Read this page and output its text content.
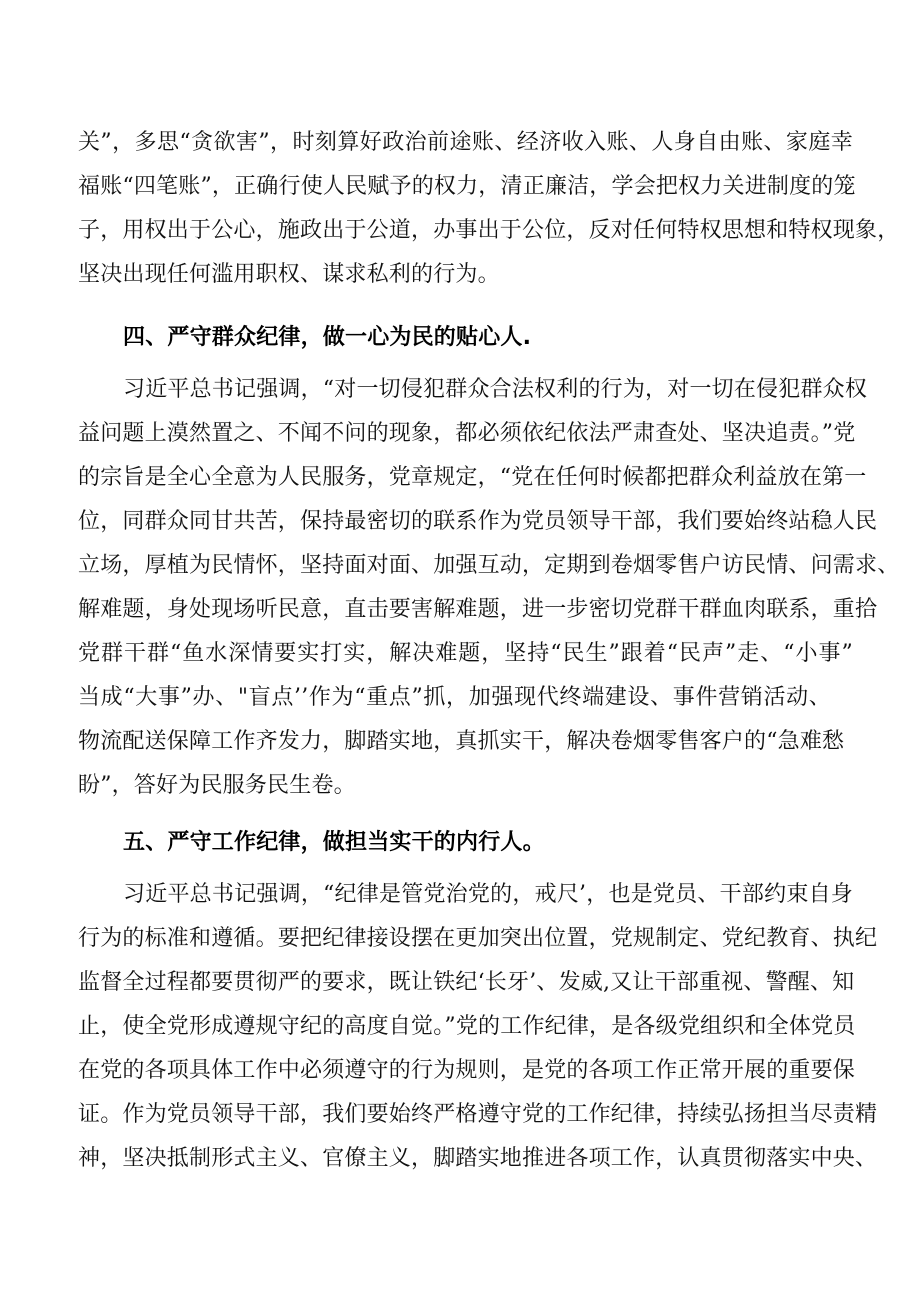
关”，多思“贪欲害”，时刻算好政治前途账、经济收入账、人身自由账、家庭幸
福账“四笔账”，正确行使人民赋予的权力，清正廉洁，学会把权力关进制度的笼
子，用权出于公心，施政出于公道，办事出于公位，反对任何特权思想和特权现象，
坚决出现任何滥用职权、谋求私利的行为。
四、严守群众纪律，做一心为民的贴心人.
习近平总书记强调，“对一切侵犯群众合法权利的行为，对一切在侵犯群众权
益问题上漠然置之、不闻不问的现象，都必须依纪依法严肃查处、坚决追责。”党
的宗旨是全心全意为人民服务，党章规定，“党在任何时候都把群众利益放在第一
位，同群众同甘共苦，保持最密切的联系作为党员领导干部，我们要始终站稳人民
立场，厚植为民情怀，坚持面对面、加强互动，定期到卷烟零售户访民情、问需求、
解难题，身处现场听民意，直击要害解难题，进一步密切党群干群血肉联系，重拾
党群干群“鱼水深情要实打实，解决难题，坚持“民生”跟着“民声”走、“小事”
当成“大事”办、"盲点’’作为“重点”抓，加强现代终端建设、事件营销活动、
物流配送保障工作齐发力，脚踏实地，真抓实干，解决卷烟零售客户的“急难愁
盼”，答好为民服务民生卷。
五、严守工作纪律，做担当实干的内行人。
习近平总书记强调，“纪律是管党治党的，戒尺’，也是党员、干部约束自身
行为的标准和遵循。要把纪律接设摆在更加突出位置，党规制定、党纪教育、执纪
监督全过程都要贯彻严的要求，既让铁纪‘长牙’、发威,又让干部重视、警醒、知
止，使全党形成遵规守纪的高度自觉。”党的工作纪律，是各级党组织和全体党员
在党的各项具体工作中必须遵守的行为规则，是党的各项工作正常开展的重要保
证。作为党员领导干部，我们要始终严格遵守党的工作纪律，持续弘扬担当尽责精
神，坚决抵制形式主义、官僚主义，脚踏实地推进各项工作，认真贯彻落实中央、
